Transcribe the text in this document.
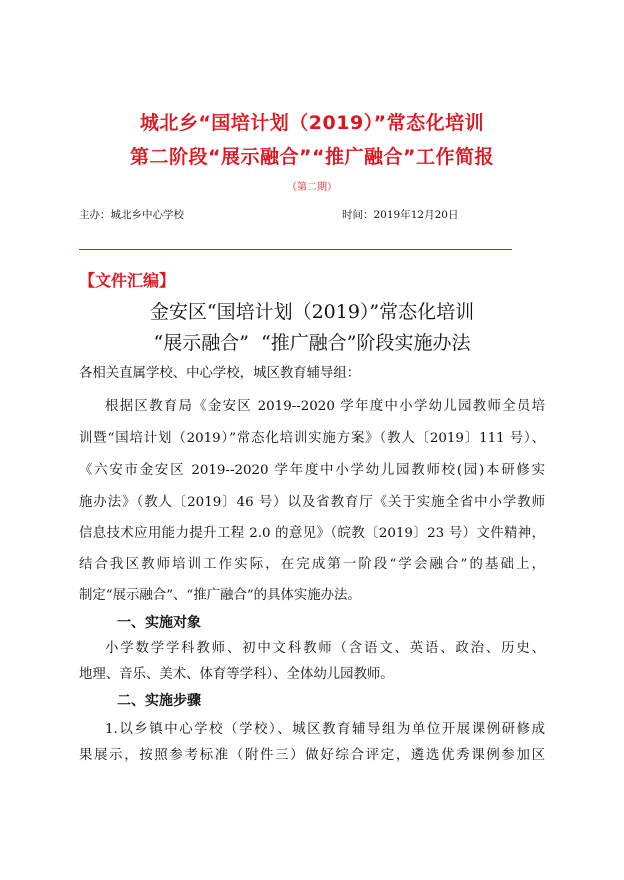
城北乡“国培计划（2019）”常态化培训
第二阶段“展示融合”“推广融合”工作简报
（第二期）
主办：城北乡中心学校	时间：2019年12月20日
【文件汇编】
金安区“国培计划（2019）”常态化培训
“展示融合”  “推广融合”阶段实施办法
各相关直属学校、中心学校，城区教育辅导组：
根据区教育局《金安区 2019--2020 学年度中小学幼儿园教师全员培
训暨“国培计划（2019）”常态化培训实施方案》（教人〔2019〕111 号）、
《六安市金安区 2019--2020 学年度中小学幼儿园教师校(园)本研修实
施办法》（教人〔2019〕46 号）以及省教育厅《关于实施全省中小学教师
信息技术应用能力提升工程 2.0 的意见》（皖教〔2019〕23 号）文件精神，
结合我区教师培训工作实际，在完成第一阶段“学会融合”的基础上，
制定“展示融合”、“推广融合”的具体实施办法。
一、实施对象
小学数学学科教师、初中文科教师（含语文、英语、政治、历史、
地理、音乐、美术、体育等学科）、全体幼儿园教师。
二、实施步骤
1.以乡镇中心学校（学校）、城区教育辅导组为单位开展课例研修成
果展示，按照参考标准（附件三）做好综合评定，遴选优秀课例参加区
